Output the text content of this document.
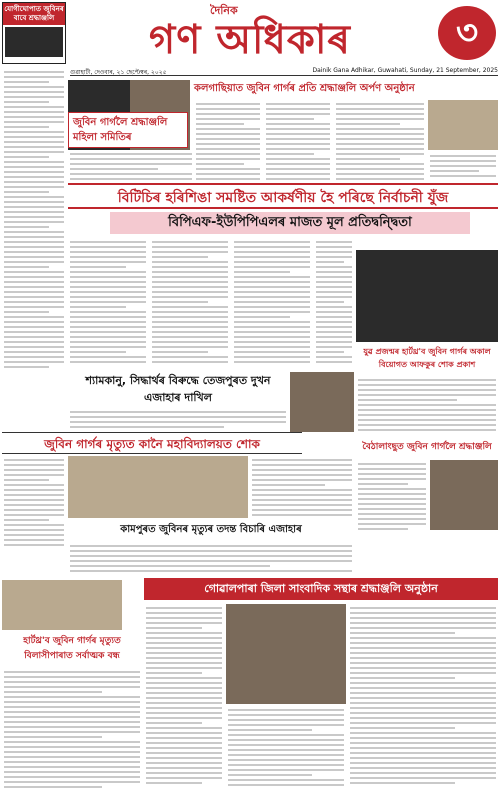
যোগীঘোপাত জুবিনৰ বাবে শ্ৰদ্ধাঞ্জলি
দৈনিক
গণ অধিকাৰ	৩
গুৱাহাটী, দেওবাৰ, ২১ ছেপ্টেম্বৰ, ২০২৫	Dainik Gana Adhikar, Guwahati, Sunday, 21 September, 2025
জুবিন গাৰ্গলৈ শ্ৰদ্ধাঞ্জলি মহিলা সমিতিৰ
কলগাছিয়াত জুবিন গাৰ্গৰ প্ৰতি শ্ৰদ্ধাঞ্জলি অৰ্পণ অনুষ্ঠান
বিটিচিৰ হৰিশিঙা সমষ্টিত আকৰ্ষণীয় হৈ পৰিছে নিৰ্বাচনী যুঁজ
বিপিএফ-ইউপিপিএলৰ মাজত মূল প্ৰতিদ্বন্দ্বিতা
যুৱ প্ৰজন্মৰ হাৰ্টথ্ৰ'ব জুবিন গাৰ্গৰ অকাল বিয়োগত আফকুৰ শোক প্ৰকাশ
শ্যামকানু, সিদ্ধাৰ্থৰ বিৰুদ্ধে তেজপুৰত দুখন এজাহাৰ দাখিল
জুবিন গাৰ্গৰ মৃত্যুত কানৈ মহাবিদ্যালয়ত শোক	বৈঠালাংছুত জুবিন গাৰ্গলৈ শ্ৰদ্ধাঞ্জলি
কামপুৰত জুবিনৰ মৃত্যুৰ তদন্ত বিচাৰি এজাহাৰ
হাৰ্টথ্ৰ'ব জুবিন গাৰ্গৰ মৃত্যুত বিলাসীপাৰাত সৰ্বাত্মক বন্ধ
গোৱালপাৰা জিলা সাংবাদিক সন্থাৰ শ্ৰদ্ধাঞ্জলি অনুষ্ঠান
